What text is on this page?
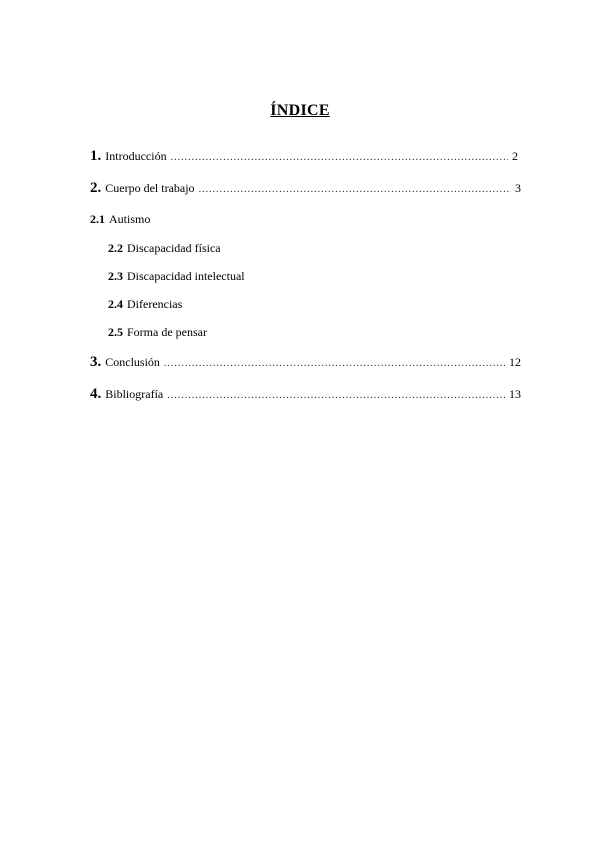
ÍNDICE
1. Introducción .....	2
2. Cuerpo del trabajo .....	3
2.1 Autismo
2.2 Discapacidad física
2.3 Discapacidad intelectual
2.4 Diferencias
2.5 Forma de pensar
3. Conclusión .....	12
4. Bibliografía .....	13
